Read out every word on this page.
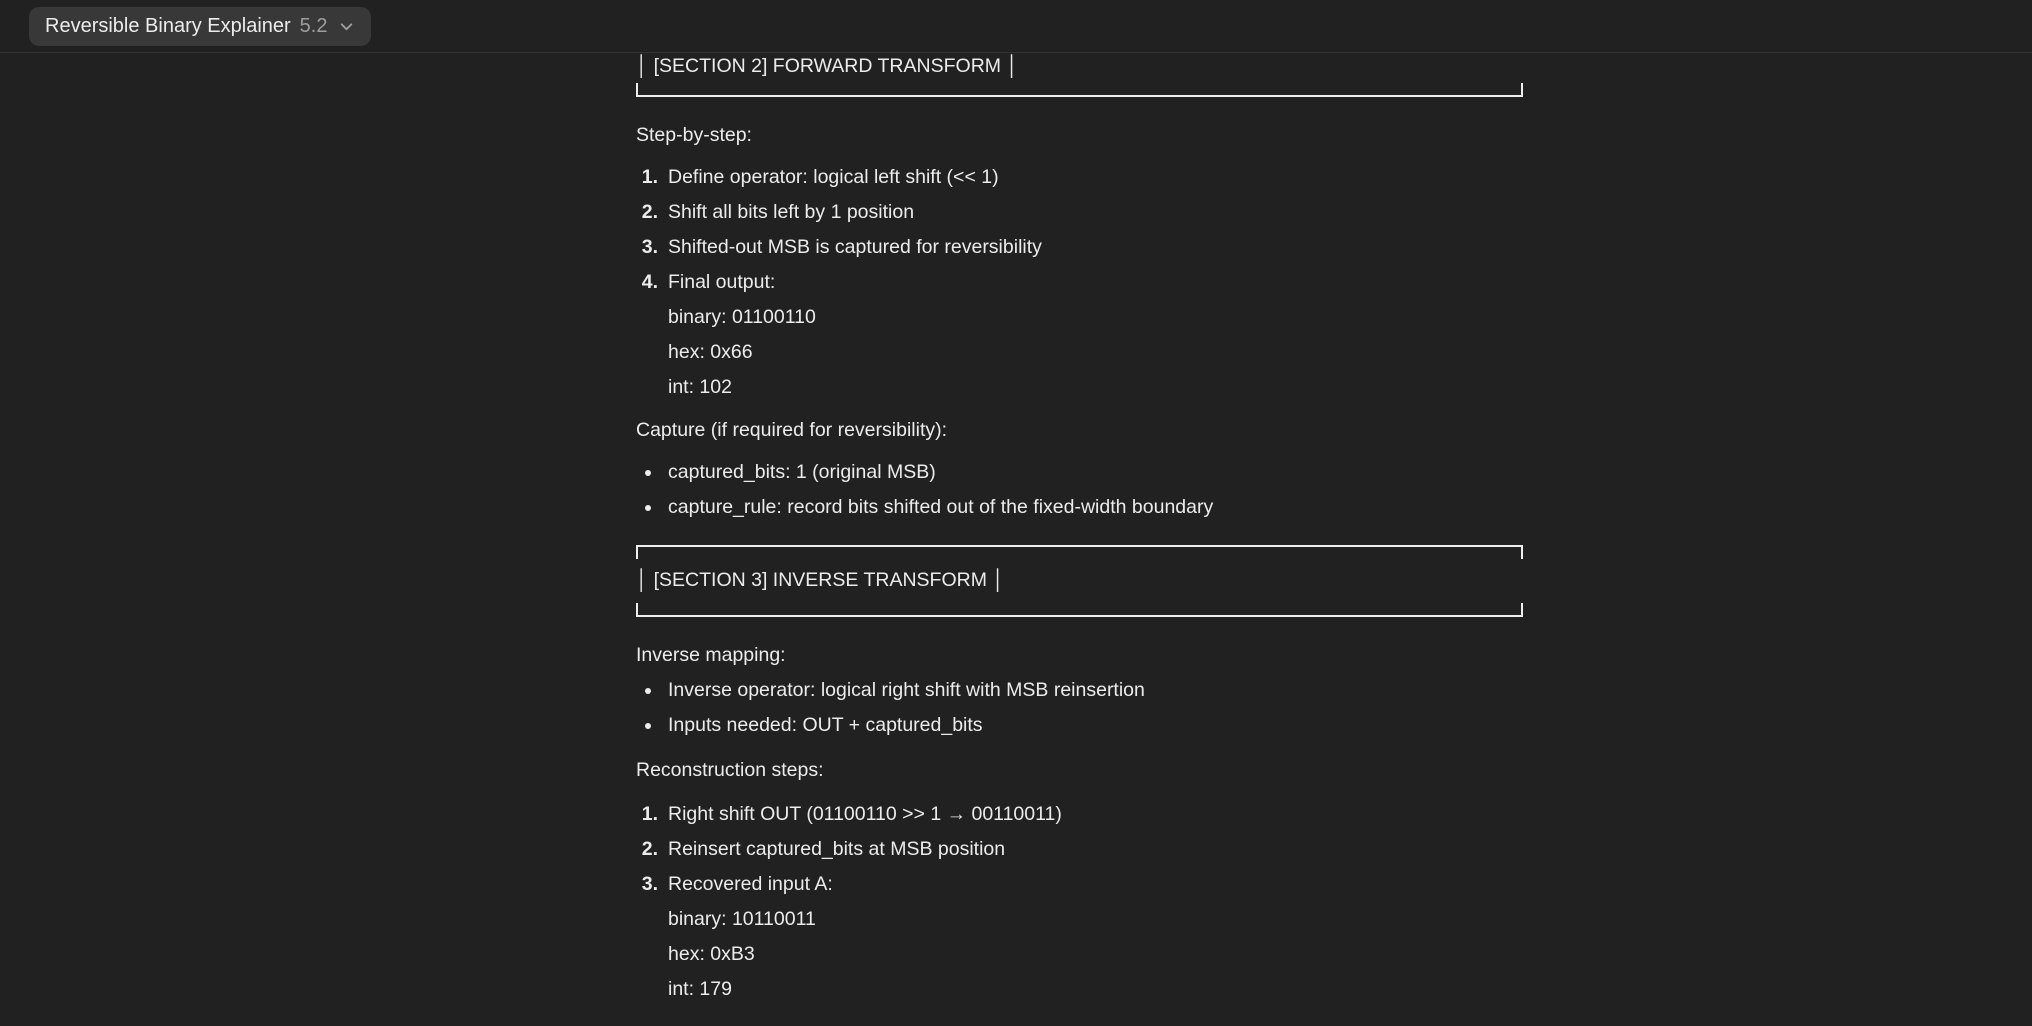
Reversible Binary Explainer 5.2
│ [SECTION 2] FORWARD TRANSFORM │

Step-by-step:

1. Define operator: logical left shift (<< 1)
2. Shift all bits left by 1 position
3. Shifted-out MSB is captured for reversibility
4. Final output:
binary: 01100110
hex: 0x66
int: 102

Capture (if required for reversibility):

captured_bits: 1 (original MSB)
capture_rule: record bits shifted out of the fixed-width boundary
│ [SECTION 3] INVERSE TRANSFORM │

Inverse mapping:

Inverse operator: logical right shift with MSB reinsertion
Inputs needed: OUT + captured_bits

Reconstruction steps:

1. Right shift OUT (01100110 >> 1 → 00110011)
2. Reinsert captured_bits at MSB position
3. Recovered input A:
binary: 10110011
hex: 0xB3
int: 179
